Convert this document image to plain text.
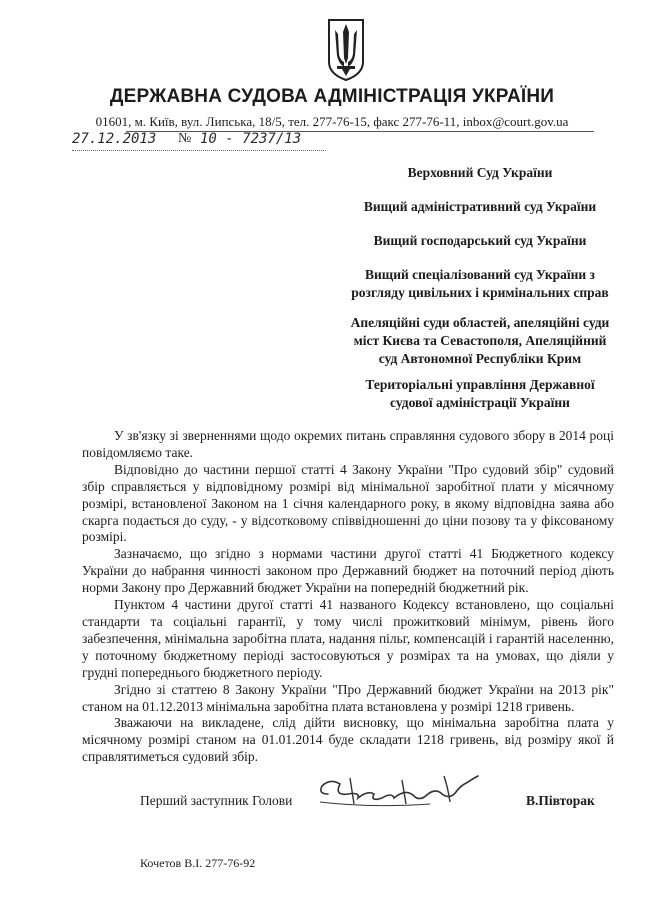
ДЕРЖАВНА СУДОВА АДМІНІСТРАЦІЯ УКРАЇНИ
01601, м. Київ, вул. Липська, 18/5, тел. 277-76-15, факс 277-76-11, inbox@court.gov.ua
27.12.2013 № 10 - 7237/13
Верховний Суд України
Вищий адміністративний суд України
Вищий господарський суд України
Вищий спеціалізований суд України з
розгляду цивільних і кримінальних справ
Апеляційні суди областей, апеляційні суди
міст Києва та Севастополя, Апеляційний
суд Автономної Республіки Крим
Територіальні управління Державної
судової адміністрації України

У зв'язку зі зверненнями щодо окремих питань справляння судового збору в 2014 році повідомляємо таке.

Відповідно до частини першої статті 4 Закону України "Про судовий збір" судовий збір справляється у відповідному розмірі від мінімальної заробітної плати у місячному розмірі, встановленої Законом на 1 січня календарного року, в якому відповідна заява або скарга подається до суду, - у відсотковому співвідношенні до ціни позову та у фіксованому розмірі.

Зазначаємо, що згідно з нормами частини другої статті 41 Бюджетного кодексу України до набрання чинності законом про Державний бюджет на поточний період діють норми Закону про Державний бюджет України на попередній бюджетний рік.

Пунктом 4 частини другої статті 41 названого Кодексу встановлено, що соціальні стандарти та соціальні гарантії, у тому числі прожитковий мінімум, рівень його забезпечення, мінімальна заробітна плата, надання пільг, компенсацій і гарантій населенню, у поточному бюджетному періоді застосовуються у розмірах та на умовах, що діяли у грудні попереднього бюджетного періоду.

Згідно зі статтею 8 Закону України "Про Державний бюджет України на 2013 рік" станом на 01.12.2013 мінімальна заробітна плата встановлена у розмірі 1218 гривень.

Зважаючи на викладене, слід дійти висновку, що мінімальна заробітна плата у місячному розмірі станом на 01.01.2014 буде складати 1218 гривень, від розміру якої й справлятиметься судовий збір.

Перший заступник Голови	В.Півторак
Кочетов В.І. 277-76-92
